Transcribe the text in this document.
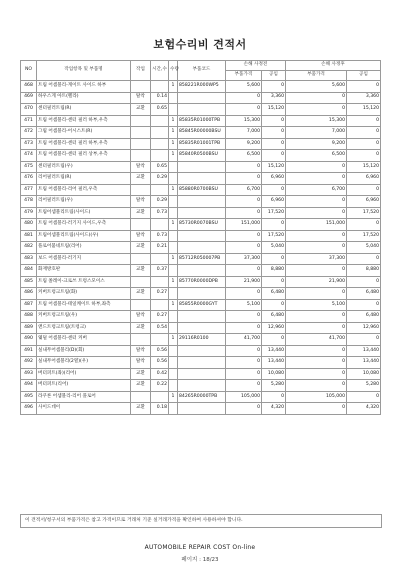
보험수리비 견적서
NO	작업항목 및 부품명	작업	시간,수	수량	부품코드	손해 사정전		손해 사정후	
						부품가격	공임	부품가격	공임
468	트림 어셈블리-게이트 사이드 하부			1	858221R000WP5	5,600	0	5,600	0
469	하우스게 아트(펠라)	탈착	0.14			0	3,360	0	3,360
470	센터필러트림(R)	교환	0.65			0	15,120	0	15,120
471	트림 어셈블리-센터 필러 하부,우측			1	85835R01000TPB	15,300	0	15,300	0
472	그립 어셈블리-어시스트(R)			1	85845R00000BSU	7,000	0	7,000	0
473	트림 어셈블리-센터 필러 하부,우측			1	85835R01001TPB	9,200	0	9,200	0
474	트림 어셈블리-센터 필러 상부,우측			1	85840R0500BSU	6,500	0	6,500	0
475	센터필러트림(우)	탈착	0.65			0	15,120	0	15,120
476	리어필러트림(R)	교환	0.29			0	6,960	0	6,960
477	트림 어셈블리-리어 필러,우측			1	85880R0700BSU	6,700	0	6,700	0
478	리어필러트림(우)	탈착	0.29			0	6,960	0	6,960
479	트림어셈블리트림(사이드)	교환	0.73			0	17,520	0	17,520
480	트림 어셈블리-러기지 사이드,우측			1	85730R0070BSU	151,000	0	151,000	0
481	트림어셈블리트림(사이드)(우)	탈착	0.73			0	17,520	0	17,520
482	플로어불네트림(리어)	교환	0.21			0	5,040	0	5,040
483	보드 어셈블리-러기지			1	85712R050007PB	37,300	0	37,300	0
484	화재방호판	교환	0.37			0	8,880	0	8,880
485	트림 쏠레이-크로쓰 트렁스모이스			1	85770R0000DPB	21,900	0	21,900	0
486	커버트렁크트림(화)	교환	0.27			0	6,480	0	6,480
487	트림 어셈블리-테일케이트 하부,좌측			1	85855R0000GYT	5,100	0	5,100	0
488	커버트렁크트림(우)	탈착	0.27			0	6,480	0	6,480
489	앤드트렁크트림(트렁크)	교환	0.54			0	12,960	0	12,960
490	웨덜 어셈블리-센터 커버			1	29116R0100	41,700	0	41,700	0
491	실내무어셈블리(D)(회)	탈착	0.56			0	13,440	0	13,440
492	실내무어셈블리(2열)(우)	탈착	0.56			0	13,440	0	13,440
493	버터퍼트(좌)(리어)	교환	0.42			0	10,080	0	10,080
494	버터퍼트(리어)	교환	0.22			0	5,280	0	5,280
495	라쿠론 어셈블리-리어 플로어			1	84265R0000TPB	105,000	0	105,000	0
496	사이드데이	교환	0.18			0	4,320	0	4,320
이 견적서/청구서의 부품가격은 참고 가격이므로 거래처 기준 실거래가격을 확인하여 사용하셔야 합니다.
AUTOMOBILE REPAIR COST On-line
페이지 : 18/23
